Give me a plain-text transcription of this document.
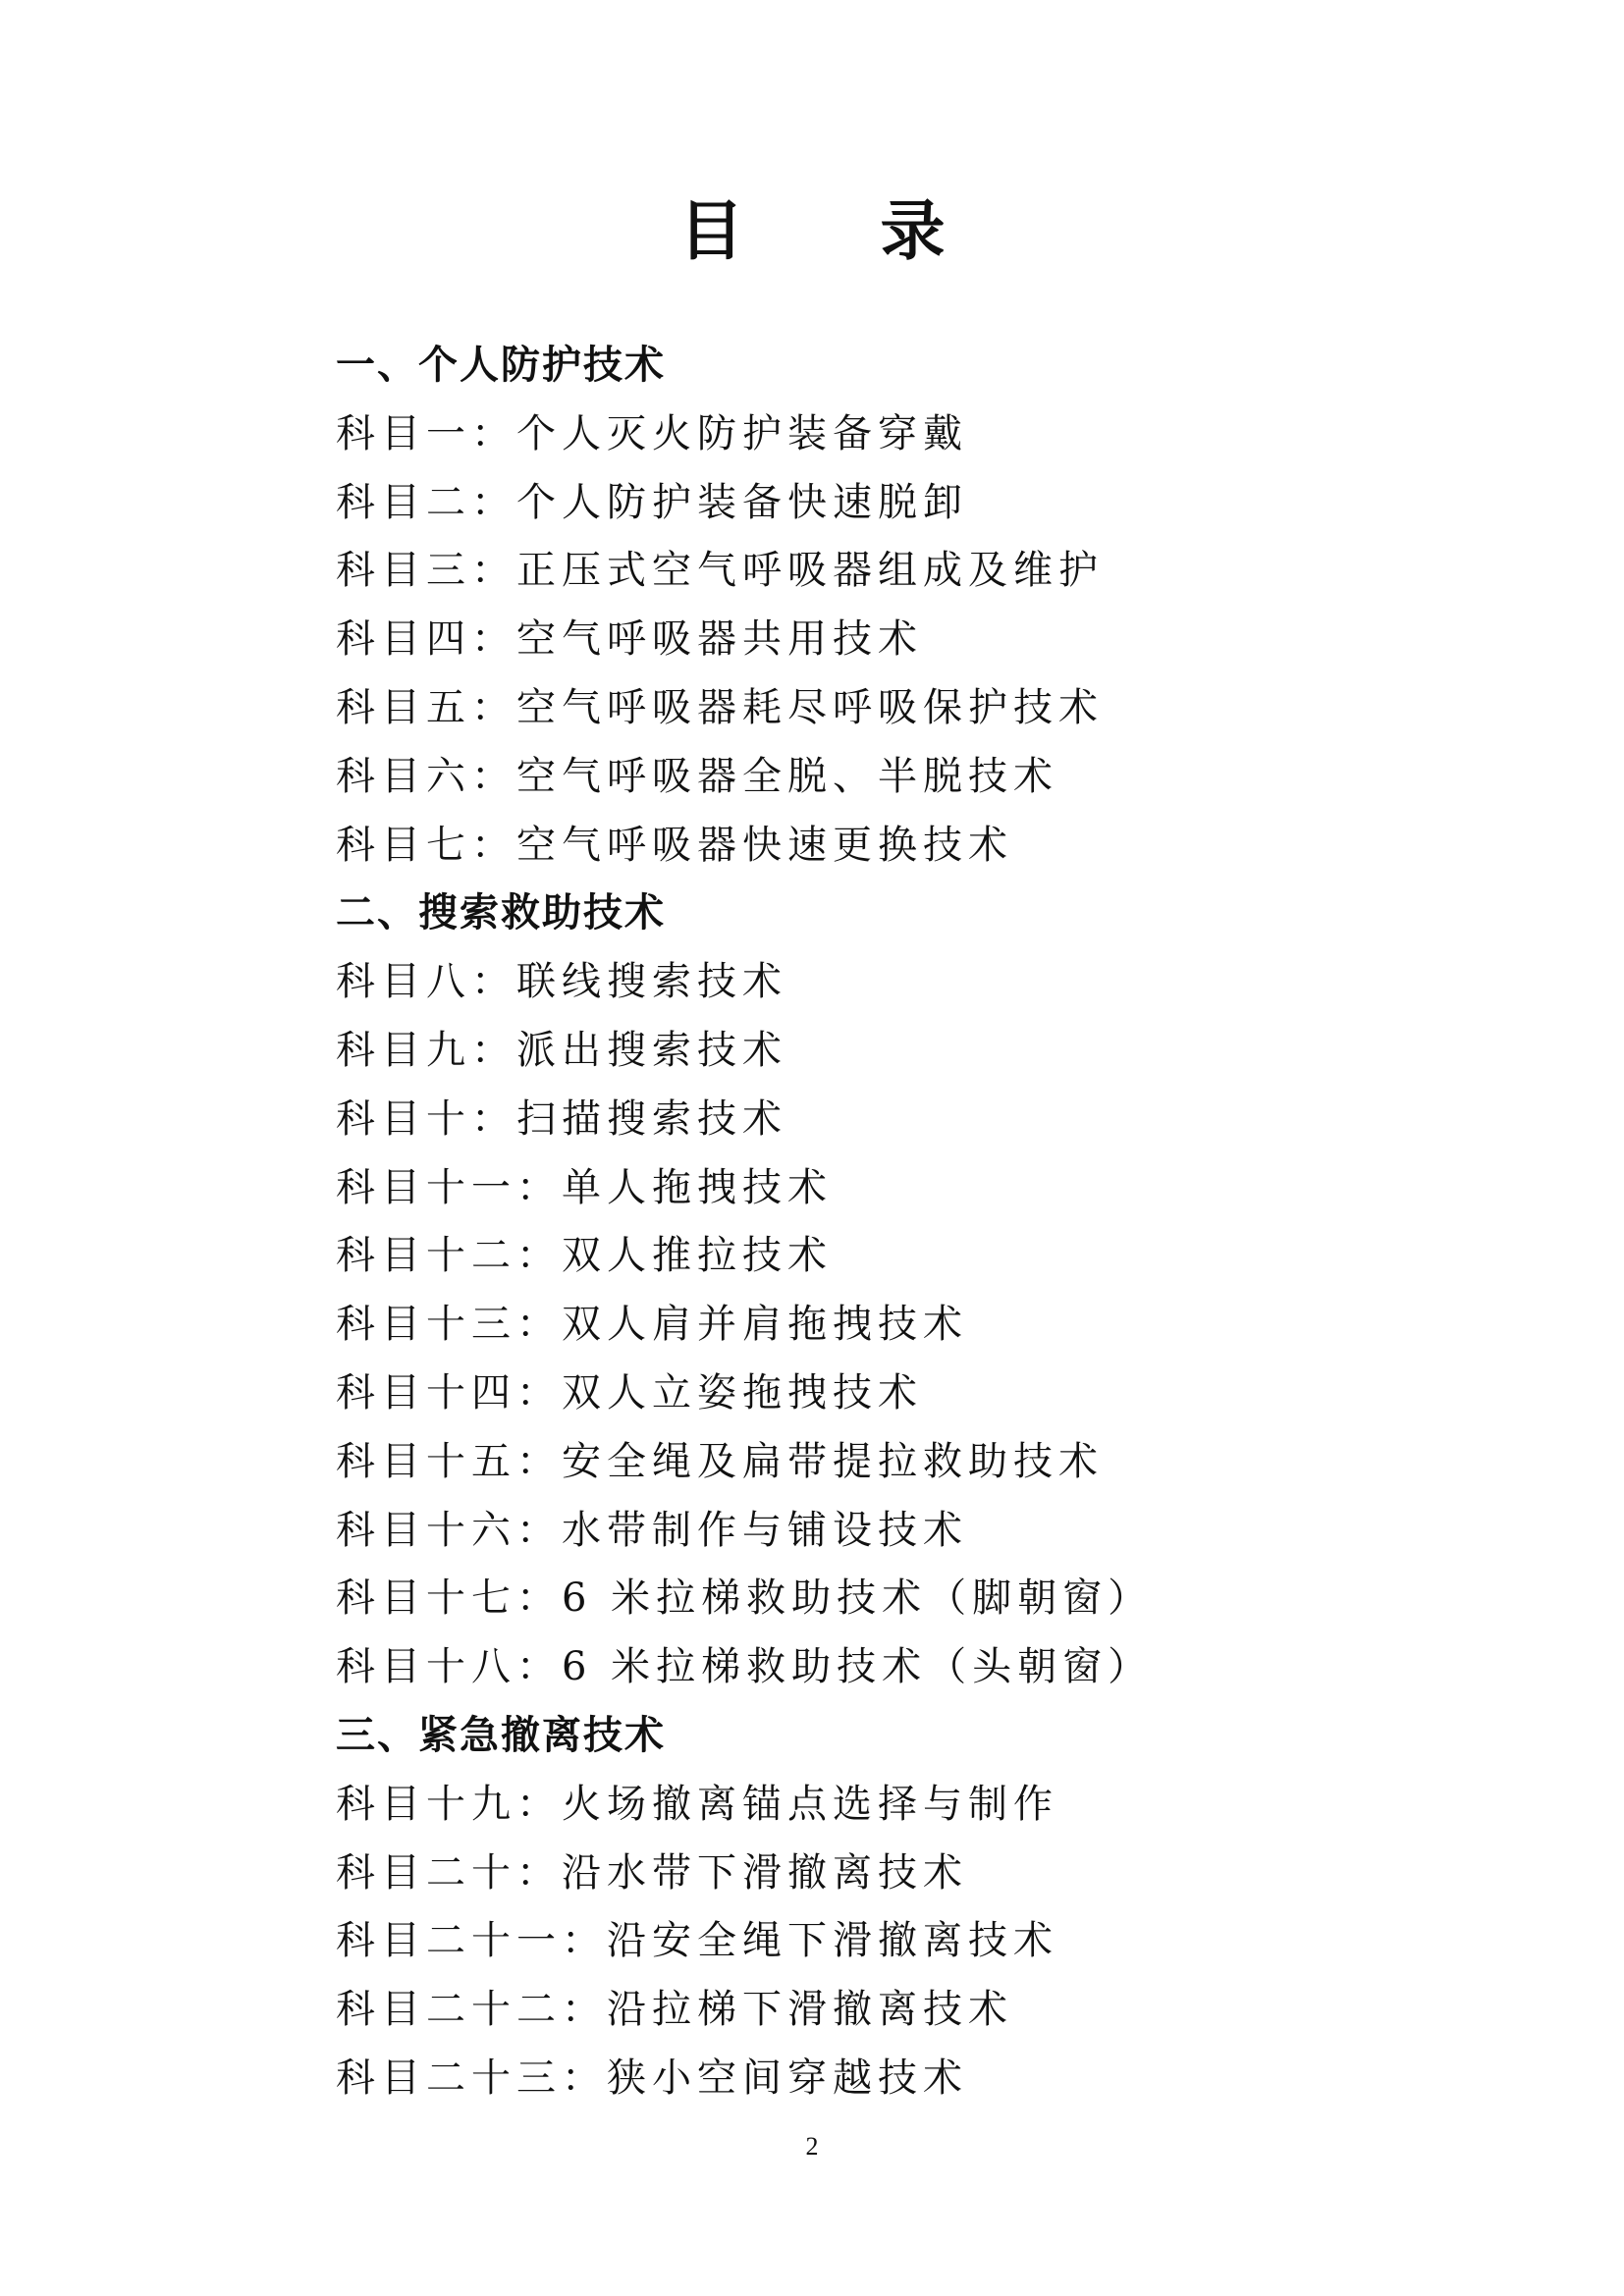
目 录
一、个人防护技术
科目一：个人灭火防护装备穿戴
科目二：个人防护装备快速脱卸
科目三：正压式空气呼吸器组成及维护
科目四：空气呼吸器共用技术
科目五：空气呼吸器耗尽呼吸保护技术
科目六：空气呼吸器全脱、半脱技术
科目七：空气呼吸器快速更换技术
二、搜索救助技术
科目八：联线搜索技术
科目九：派出搜索技术
科目十：扫描搜索技术
科目十一：单人拖拽技术
科目十二：双人推拉技术
科目十三：双人肩并肩拖拽技术
科目十四：双人立姿拖拽技术
科目十五：安全绳及扁带提拉救助技术
科目十六：水带制作与铺设技术
科目十七：6 米拉梯救助技术（脚朝窗）
科目十八：6 米拉梯救助技术（头朝窗）
三、紧急撤离技术
科目十九：火场撤离锚点选择与制作
科目二十：沿水带下滑撤离技术
科目二十一：沿安全绳下滑撤离技术
科目二十二：沿拉梯下滑撤离技术
科目二十三：狭小空间穿越技术
2
